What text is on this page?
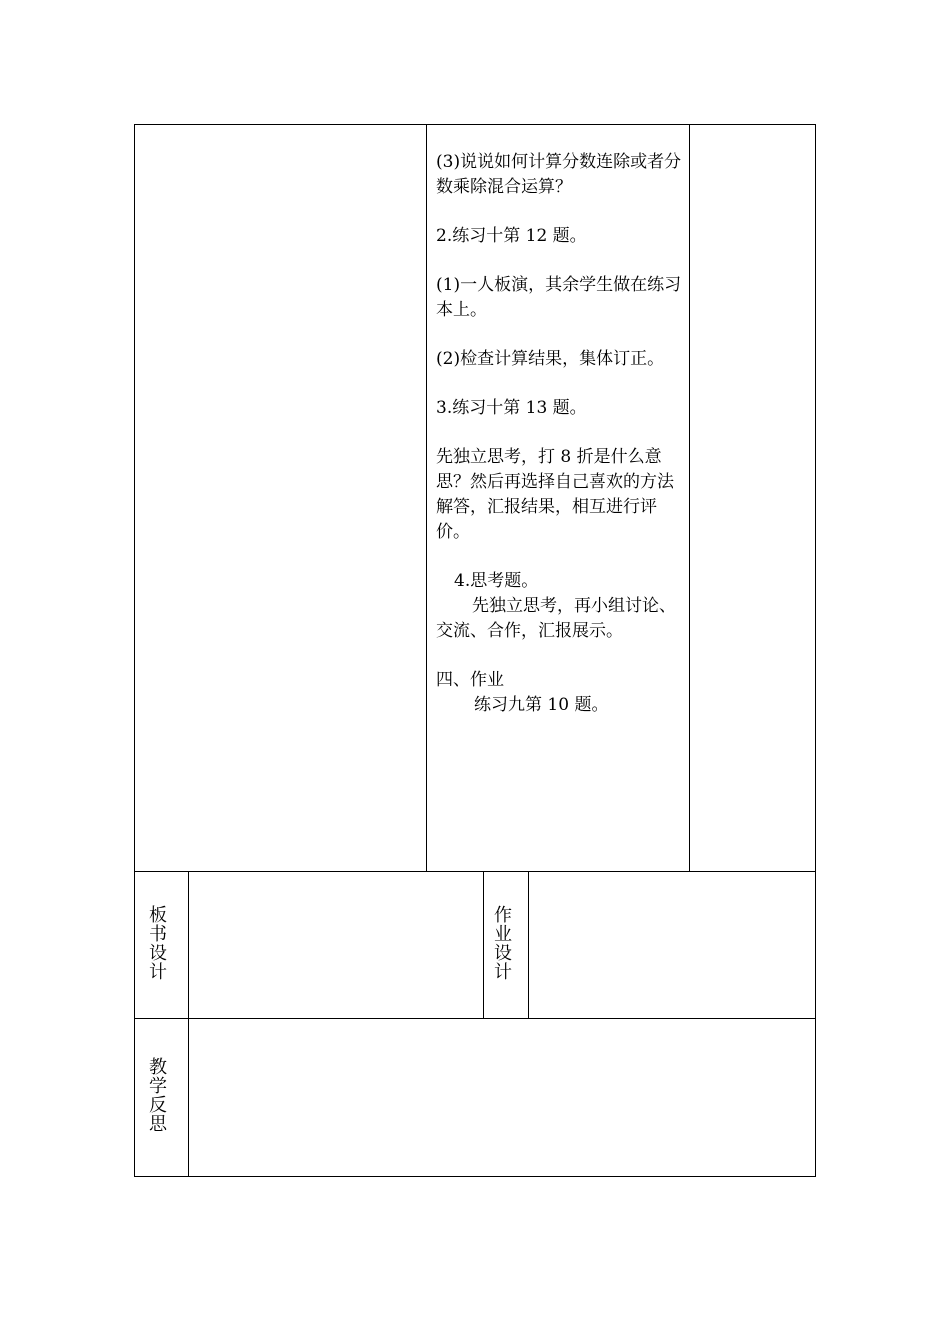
(3)说说如何计算分数连除或者分数乘除混合运算？

2.练习十第 12 题。

(1)一人板演，其余学生做在练习本上。

(2)检查计算结果，集体订正。

3.练习十第 13 题。

先独立思考，打 8 折是什么意思？然后再选择自己喜欢的方法解答，汇报结果，相互进行评价。

4.思考题。

先独立思考，再小组讨论、交流、合作，汇报展示。

四、作业

练习九第 10 题。

板书设计	作业设计
教学反思
